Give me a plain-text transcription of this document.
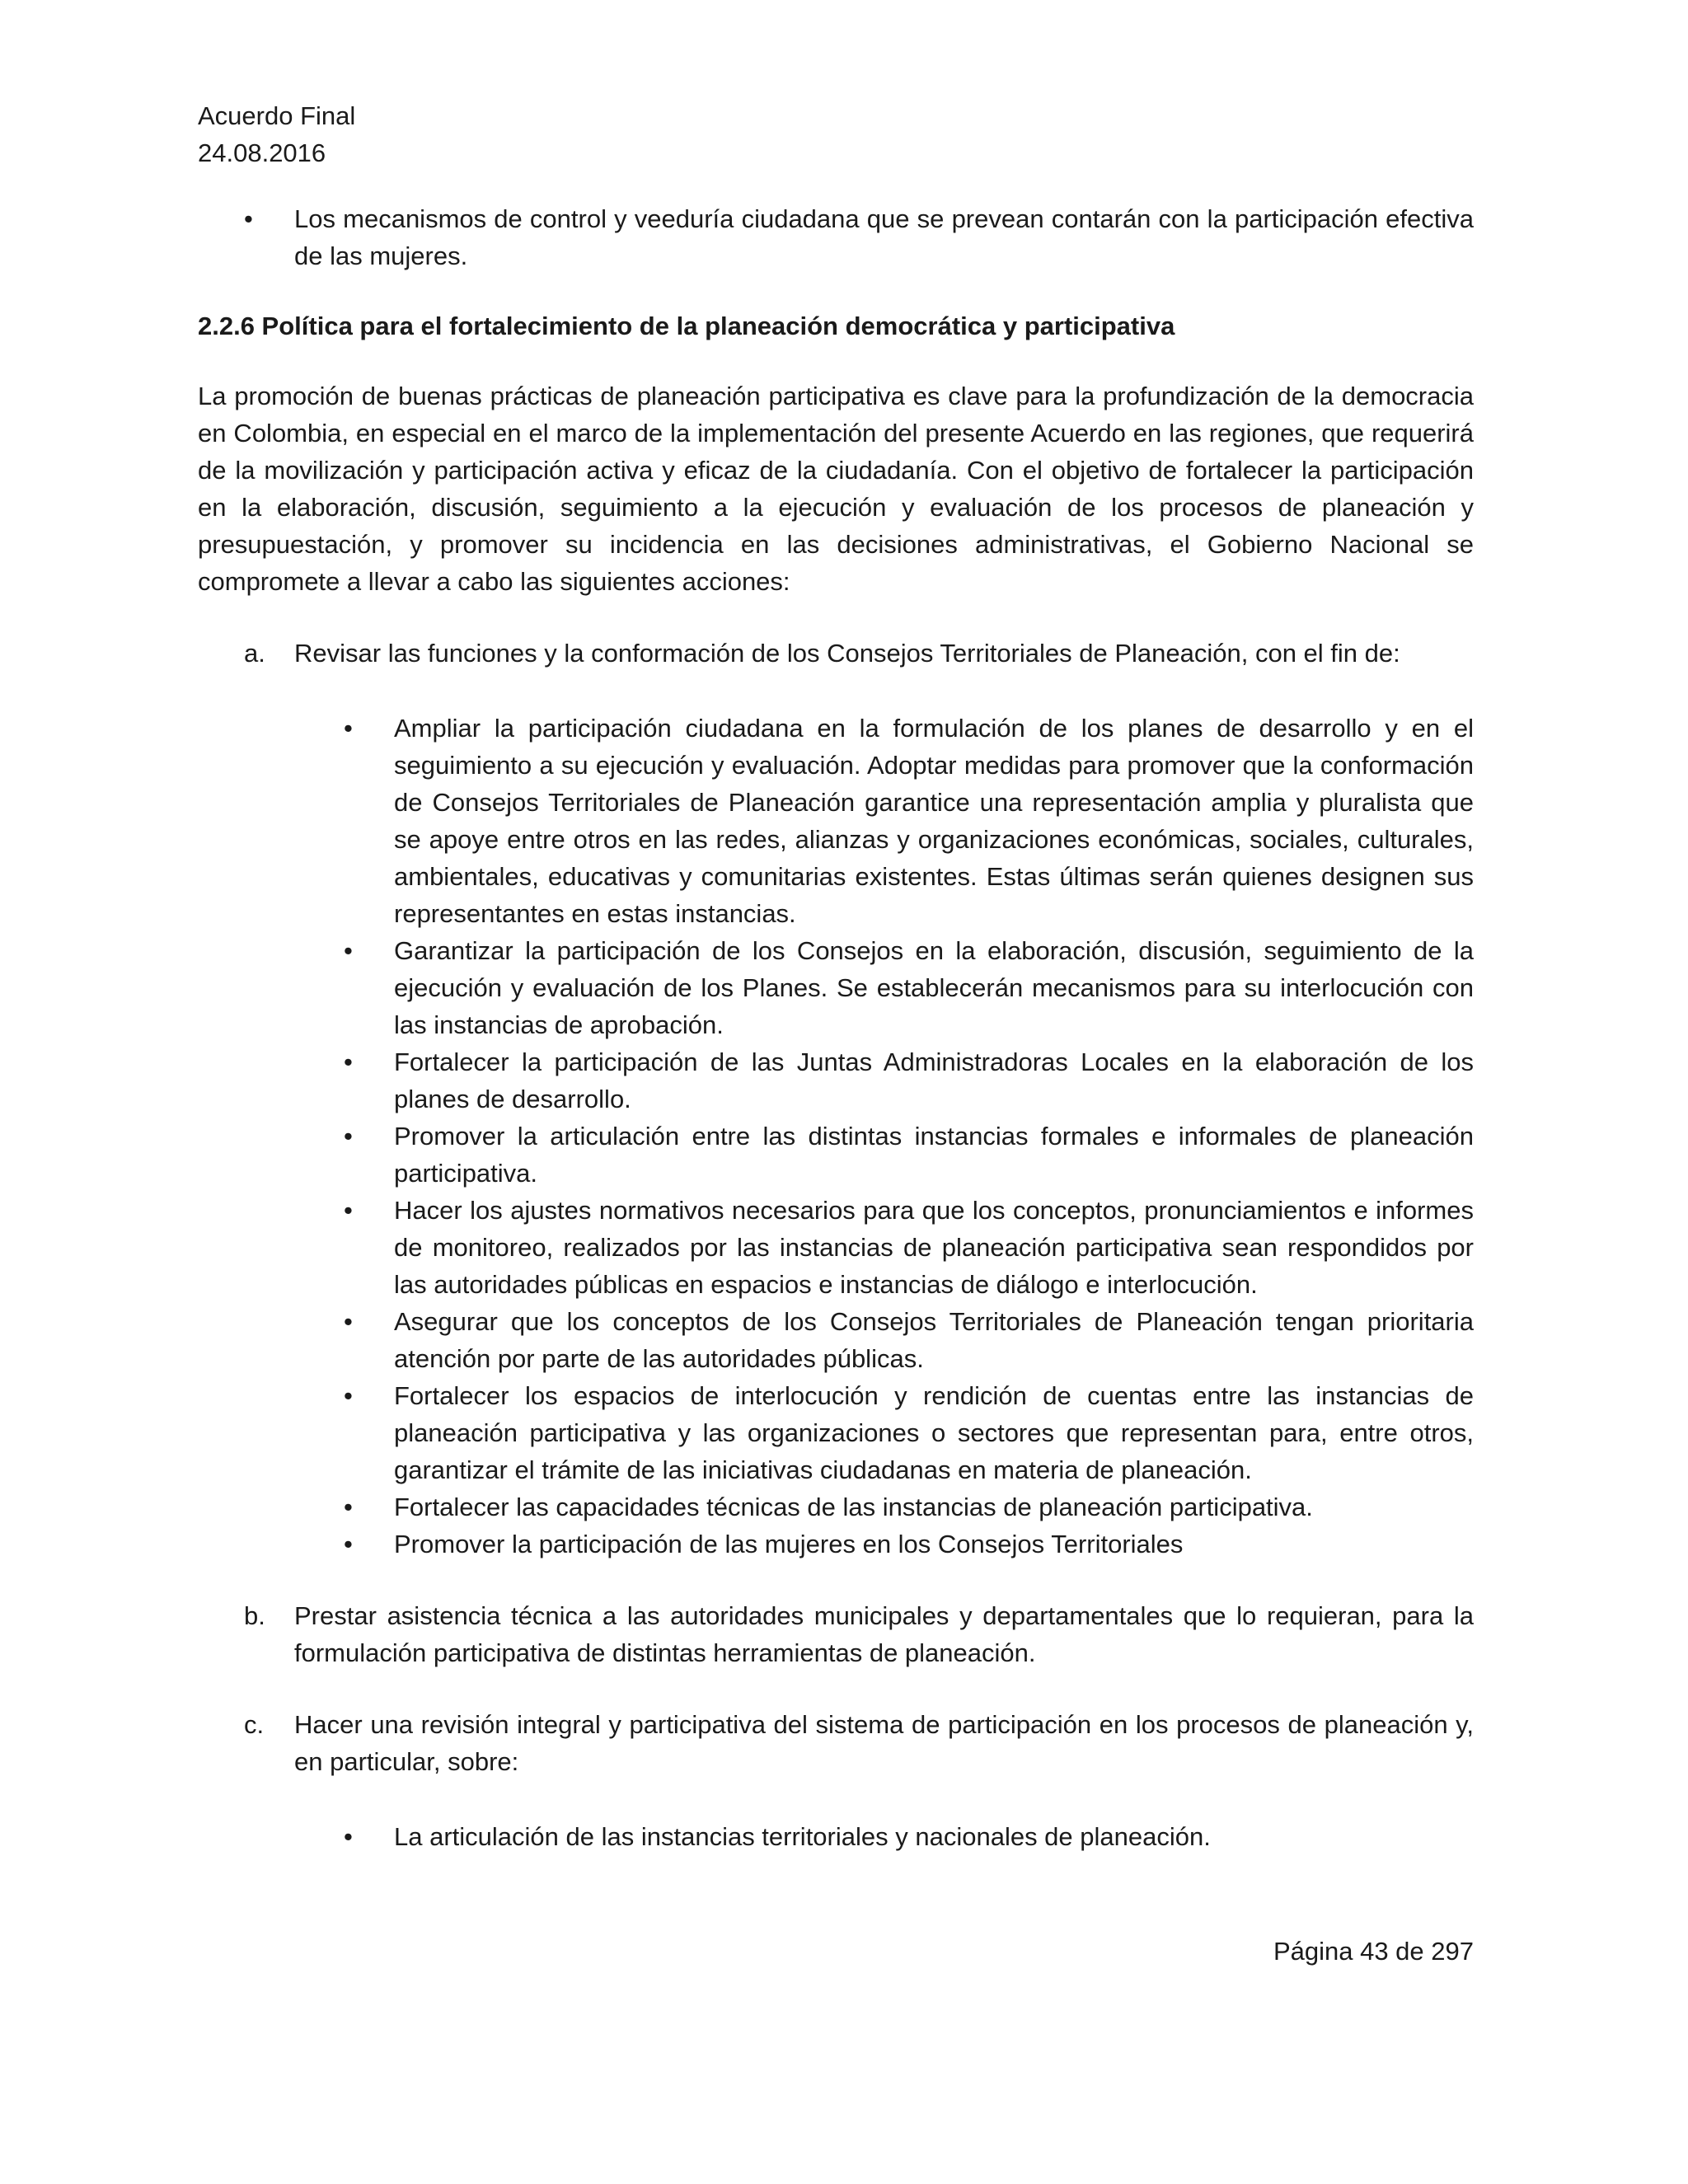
Acuerdo Final
24.08.2016
• Los mecanismos de control y veeduría ciudadana que se prevean contarán con la participación efectiva de las mujeres.
2.2.6 Política para el fortalecimiento de la planeación democrática y participativa

La promoción de buenas prácticas de planeación participativa es clave para la profundización de la democracia en Colombia, en especial en el marco de la implementación del presente Acuerdo en las regiones, que requerirá de la movilización y participación activa y eficaz de la ciudadanía. Con el objetivo de fortalecer la participación en la elaboración, discusión, seguimiento a la ejecución y evaluación de los procesos de planeación y presupuestación, y promover su incidencia en las decisiones administrativas, el Gobierno Nacional se compromete a llevar a cabo las siguientes acciones:

a. Revisar las funciones y la conformación de los Consejos Territoriales de Planeación, con el fin de:
• Ampliar la participación ciudadana en la formulación de los planes de desarrollo y en el seguimiento a su ejecución y evaluación. Adoptar medidas para promover que la conformación de Consejos Territoriales de Planeación garantice una representación amplia y pluralista que se apoye entre otros en las redes, alianzas y organizaciones económicas, sociales, culturales, ambientales, educativas y comunitarias existentes. Estas últimas serán quienes designen sus representantes en estas instancias.
• Garantizar la participación de los Consejos en la elaboración, discusión, seguimiento de la ejecución y evaluación de los Planes. Se establecerán mecanismos para su interlocución con las instancias de aprobación.
• Fortalecer la participación de las Juntas Administradoras Locales en la elaboración de los planes de desarrollo.
• Promover la articulación entre las distintas instancias formales e informales de planeación participativa.
• Hacer los ajustes normativos necesarios para que los conceptos, pronunciamientos e informes de monitoreo, realizados por las instancias de planeación participativa sean respondidos por las autoridades públicas en espacios e instancias de diálogo e interlocución.
• Asegurar que los conceptos de los Consejos Territoriales de Planeación tengan prioritaria atención por parte de las autoridades públicas.
• Fortalecer los espacios de interlocución y rendición de cuentas entre las instancias de planeación participativa y las organizaciones o sectores que representan para, entre otros, garantizar el trámite de las iniciativas ciudadanas en materia de planeación.
• Fortalecer las capacidades técnicas de las instancias de planeación participativa.
• Promover la participación de las mujeres en los Consejos Territoriales
b. Prestar asistencia técnica a las autoridades municipales y departamentales que lo requieran, para la formulación participativa de distintas herramientas de planeación.
c. Hacer una revisión integral y participativa del sistema de participación en los procesos de planeación y, en particular, sobre:
• La articulación de las instancias territoriales y nacionales de planeación.
Página 43 de 297
